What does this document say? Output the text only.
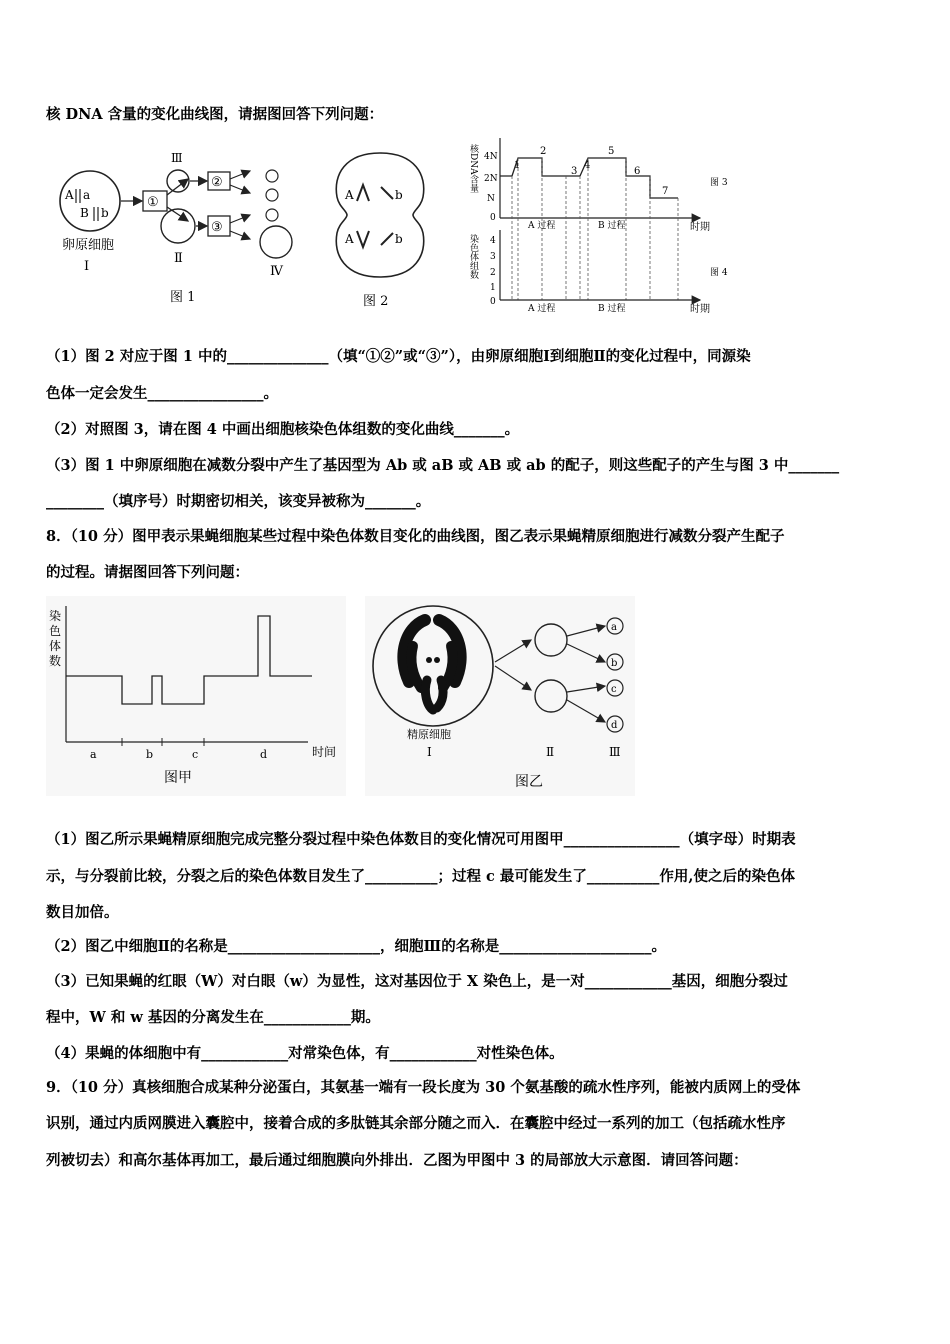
核 DNA 含量的变化曲线图，请据图回答下列问题：
A a
B b
卵原细胞
Ⅰ
①
Ⅲ
Ⅱ
②
③
Ⅳ
图 1
A	b
A	b
图 2
核DNA含量 4N
2N
N
0
1
2
3
4
5
6
7
A 过程	B 过程	时期
图 3
染色体组数 4
3
2
1
0
A 过程	B 过程	时期
图 4
（1）图 2 对应于图 1 中的______________（填“①②”或“③”），由卵原细胞Ⅰ到细胞Ⅱ的变化过程中，同源染
色体一定会发生________________。
（2）对照图 3，请在图 4 中画出细胞核染色体组数的变化曲线_______。
（3）图 1 中卵原细胞在减数分裂中产生了基因型为 Ab 或 aB 或 AB 或 ab 的配子，则这些配子的产生与图 3 中_______
________（填序号）时期密切相关，该变异被称为_______。
8．（10 分）图甲表示果蝇细胞某些过程中染色体数目变化的曲线图，图乙表示果蝇精原细胞进行减数分裂产生配子
的过程。请据图回答下列问题：
染
色
体
数
a	b	c	d	时间
图甲
精原细胞
Ⅰ
a
b
c
d
Ⅱ	Ⅲ
图乙
（1）图乙所示果蝇精原细胞完成完整分裂过程中染色体数目的变化情况可用图甲________________（填字母）时期表
示，与分裂前比较，分裂之后的染色体数目发生了__________；过程 c 最可能发生了__________作用,使之后的染色体
数目加倍。
（2）图乙中细胞Ⅱ的名称是_____________________，细胞Ⅲ的名称是_____________________。
（3）已知果蝇的红眼（W）对白眼（w）为显性，这对基因位于 X 染色上，是一对____________基因，细胞分裂过
程中，W 和 w 基因的分离发生在____________期。
（4）果蝇的体细胞中有____________对常染色体，有____________对性染色体。
9．（10 分）真核细胞合成某种分泌蛋白，其氨基一端有一段长度为 30 个氨基酸的疏水性序列，能被内质网上的受体
识别，通过内质网膜进入囊腔中，接着合成的多肽链其余部分随之而入．在囊腔中经过一系列的加工（包括疏水性序
列被切去）和高尔基体再加工，最后通过细胞膜向外排出．乙图为甲图中 3 的局部放大示意图．请回答问题：
